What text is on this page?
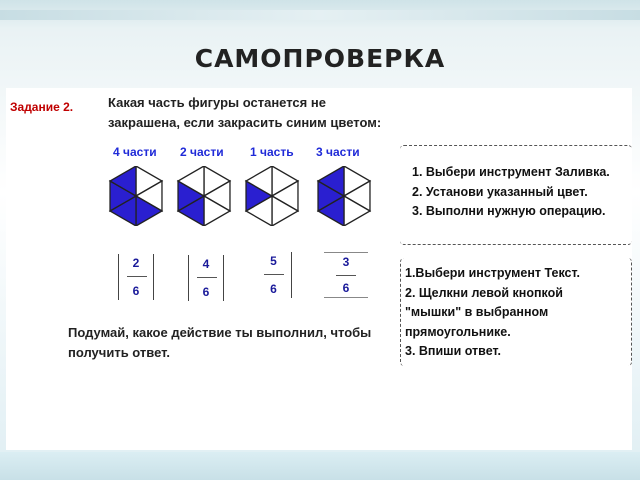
САМОПРОВЕРКА
Задание 2.	Какая часть фигуры останется не
закрашена, если закрасить синим цветом:
4 части 2 части 1 часть 3 части
2
6
4
6
5
6
3
6
Подумай, какое действие ты выполнил, чтобы
получить ответ.
1. Выбери инструмент Заливка.
2. Установи указанный цвет.
3. Выполни нужную операцию.
1.Выбери инструмент Текст.
2. Щелкни левой кнопкой
"мышки" в выбранном
прямоугольнике.
3. Впиши ответ.
